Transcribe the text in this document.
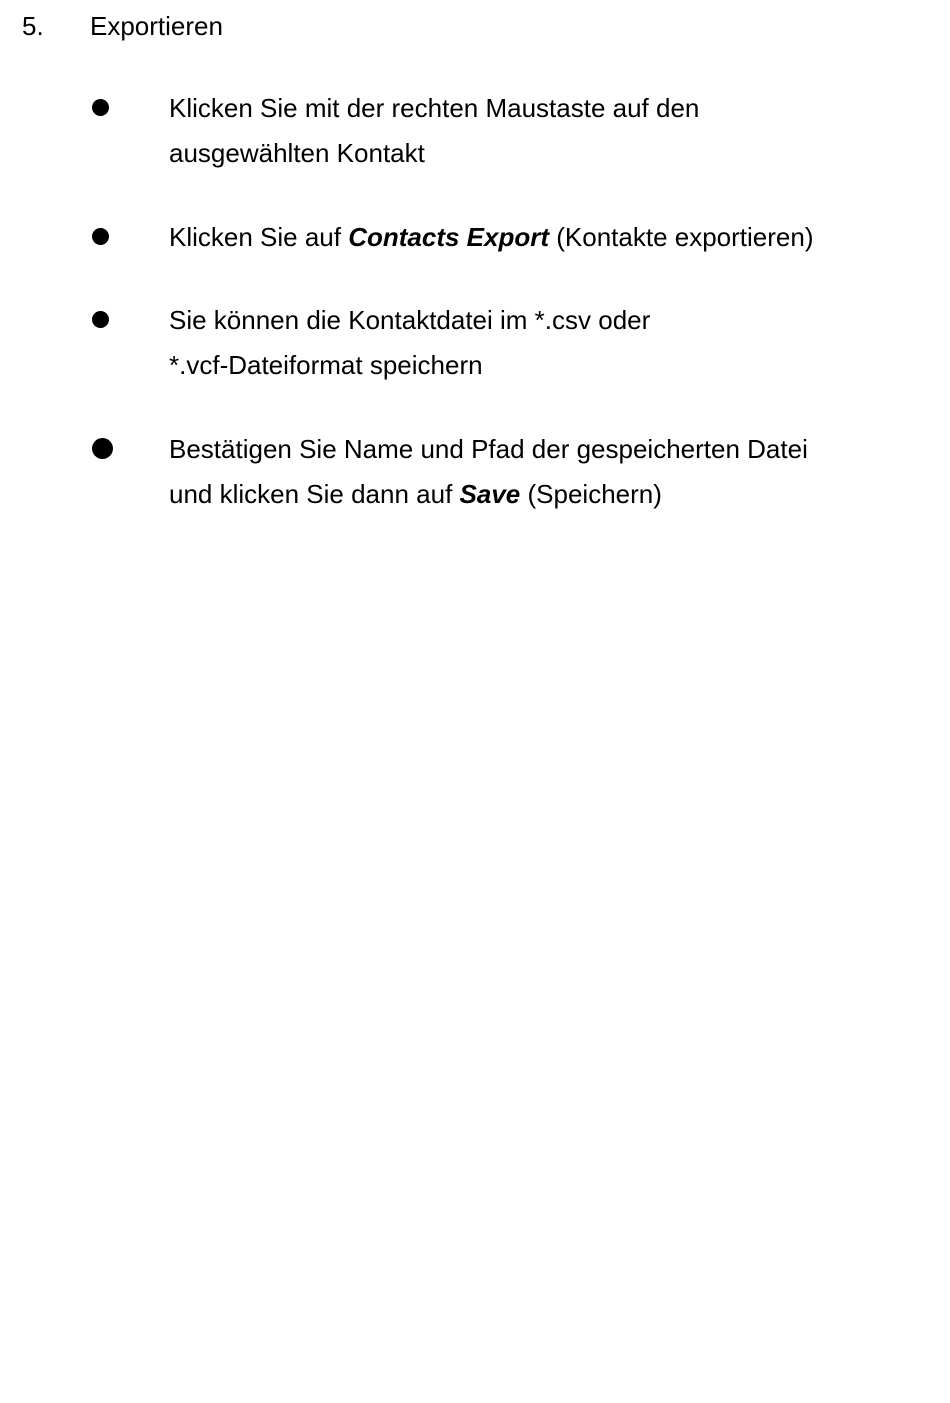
5. Exportieren
Klicken Sie mit der rechten Maustaste auf den
ausgewählten Kontakt
Klicken Sie auf Contacts Export (Kontakte exportieren)
Sie können die Kontaktdatei im *.csv oder
*.vcf-Dateiformat speichern
Bestätigen Sie Name und Pfad der gespeicherten Datei
und klicken Sie dann auf Save (Speichern)
